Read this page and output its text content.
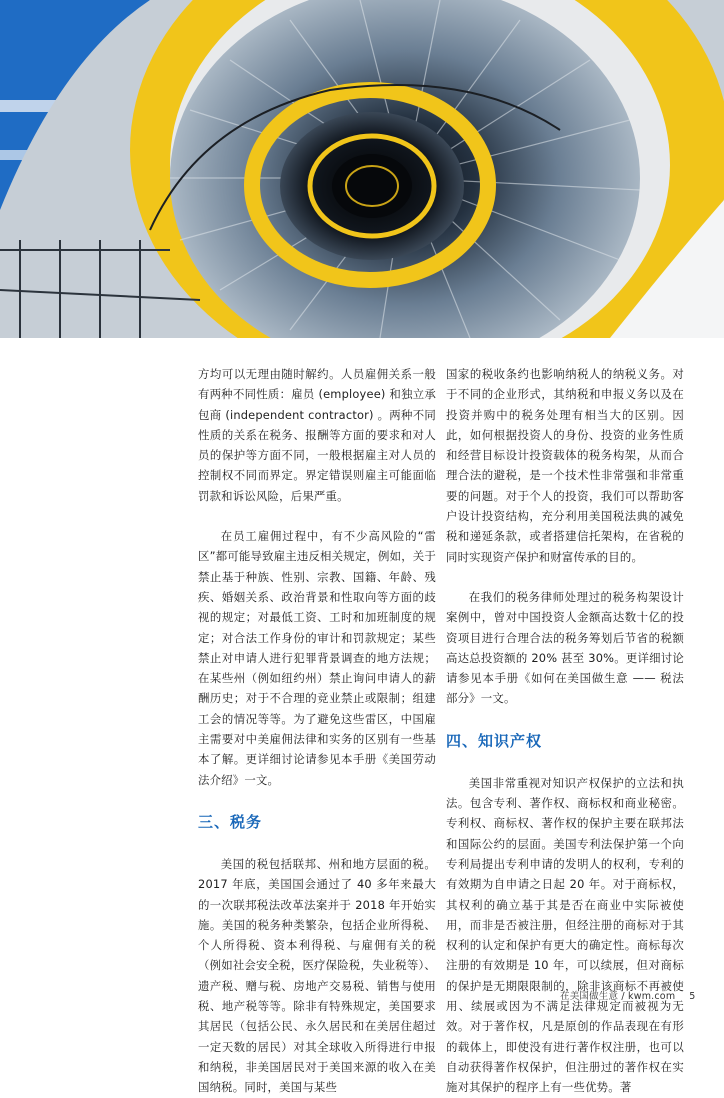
方均可以无理由随时解约。人员雇佣关系一般有两种不同性质：雇员 (employee) 和独立承包商 (independent contractor) 。两种不同性质的关系在税务、报酬等方面的要求和对人员的保护等方面不同，一般根据雇主对人员的控制权不同而界定。界定错误则雇主可能面临罚款和诉讼风险，后果严重。

在员工雇佣过程中，有不少高风险的“雷区”都可能导致雇主违反相关规定，例如，关于禁止基于种族、性别、宗教、国籍、年龄、残疾、婚姻关系、政治背景和性取向等方面的歧视的规定；对最低工资、工时和加班制度的规定；对合法工作身份的审计和罚款规定；某些禁止对申请人进行犯罪背景调查的地方法规；在某些州（例如纽约州）禁止询问申请人的薪酬历史；对于不合理的竞业禁止或限制；组建工会的情况等等。为了避免这些雷区，中国雇主需要对中美雇佣法律和实务的区别有一些基本了解。更详细讨论请参见本手册《美国劳动法介绍》一文。

三、税务

美国的税包括联邦、州和地方层面的税。2017 年底，美国国会通过了 40 多年来最大的一次联邦税法改革法案并于 2018 年开始实施。美国的税务种类繁杂，包括企业所得税、个人所得税、资本利得税、与雇佣有关的税（例如社会安全税，医疗保险税，失业税等）、遗产税、赠与税、房地产交易税、销售与使用税、地产税等等。除非有特殊规定，美国要求其居民（包括公民、永久居民和在美居住超过一定天数的居民）对其全球收入所得进行申报和纳税，非美国居民对于美国来源的收入在美国纳税。同时，美国与某些

国家的税收条约也影响纳税人的纳税义务。对于不同的企业形式，其纳税和申报义务以及在投资并购中的税务处理有相当大的区别。因此，如何根据投资人的身份、投资的业务性质和经营目标设计投资载体的税务构架，从而合理合法的避税，是一个技术性非常强和非常重要的问题。对于个人的投资，我们可以帮助客户设计投资结构，充分利用美国税法典的减免税和递延条款，或者搭建信托架构，在省税的同时实现资产保护和财富传承的目的。

在我们的税务律师处理过的税务构架设计案例中，曾对中国投资人金额高达数十亿的投资项目进行合理合法的税务筹划后节省的税额高达总投资额的 20% 甚至 30%。更详细讨论请参见本手册《如何在美国做生意 —— 税法部分》一文。

四、知识产权

美国非常重视对知识产权保护的立法和执法。包含专利、著作权、商标权和商业秘密。专利权、商标权、著作权的保护主要在联邦法和国际公约的层面。美国专利法保护第一个向专利局提出专利申请的发明人的权利，专利的有效期为自申请之日起 20 年。对于商标权，其权利的确立基于其是否在商业中实际被使用，而非是否被注册，但经注册的商标对于其权利的认定和保护有更大的确定性。商标每次注册的有效期是 10 年，可以续展，但对商标的保护是无期限限制的，除非该商标不再被使用、续展或因为不满足法律规定而被视为无效。对于著作权，凡是原创的作品表现在有形的载体上，即使没有进行著作权注册，也可以自动获得著作权保护，但注册过的著作权在实施对其保护的程序上有一些优势。著

在美国做生意 / kwm.com 5
